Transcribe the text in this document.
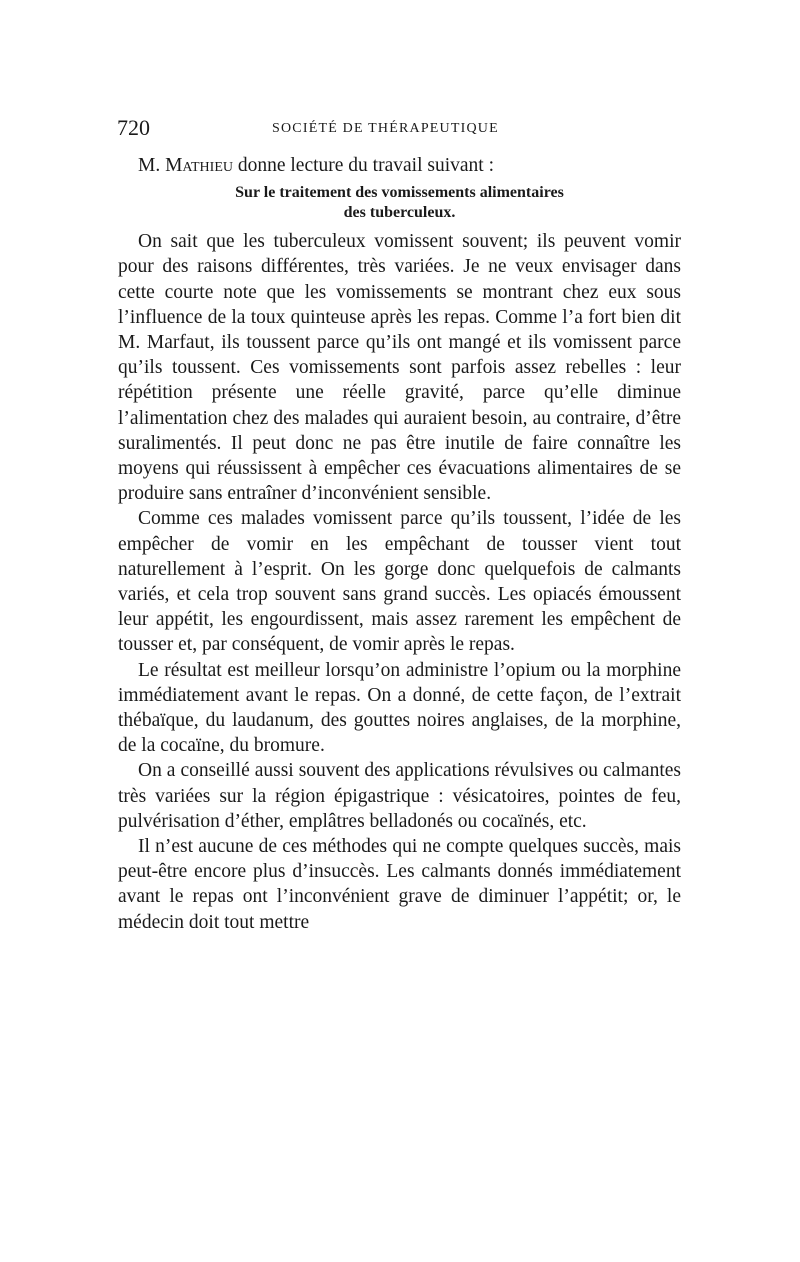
720	SOCIÉTÉ DE THÉRAPEUTIQUE

M. Mathieu donne lecture du travail suivant :

Sur le traitement des vomissements alimentaires
des tuberculeux.

On sait que les tuberculeux vomissent souvent; ils peuvent vomir pour des raisons différentes, très variées. Je ne veux envisager dans cette courte note que les vomissements se montrant chez eux sous l’influence de la toux quinteuse après les repas. Comme l’a fort bien dit M. Marfaut, ils toussent parce qu’ils ont mangé et ils vomissent parce qu’ils toussent. Ces vomissements sont parfois assez rebelles : leur répétition présente une réelle gravité, parce qu’elle diminue l’alimentation chez des malades qui auraient besoin, au contraire, d’être suralimentés. Il peut donc ne pas être inutile de faire connaître les moyens qui réussissent à empêcher ces évacuations alimentaires de se produire sans entraîner d’inconvénient sensible.

Comme ces malades vomissent parce qu’ils toussent, l’idée de les empêcher de vomir en les empêchant de tousser vient tout naturellement à l’esprit. On les gorge donc quelquefois de calmants variés, et cela trop souvent sans grand succès. Les opiacés émoussent leur appétit, les engourdissent, mais assez rarement les empêchent de tousser et, par conséquent, de vomir après le repas.

Le résultat est meilleur lorsqu’on administre l’opium ou la morphine immédiatement avant le repas. On a donné, de cette façon, de l’extrait thébaïque, du laudanum, des gouttes noires anglaises, de la morphine, de la cocaïne, du bromure.

On a conseillé aussi souvent des applications révulsives ou calmantes très variées sur la région épigastrique : vésicatoires, pointes de feu, pulvérisation d’éther, emplâtres belladonés ou cocaïnés, etc.

Il n’est aucune de ces méthodes qui ne compte quelques succès, mais peut-être encore plus d’insuccès. Les calmants donnés immédiatement avant le repas ont l’inconvénient grave de diminuer l’appétit; or, le médecin doit tout mettre
